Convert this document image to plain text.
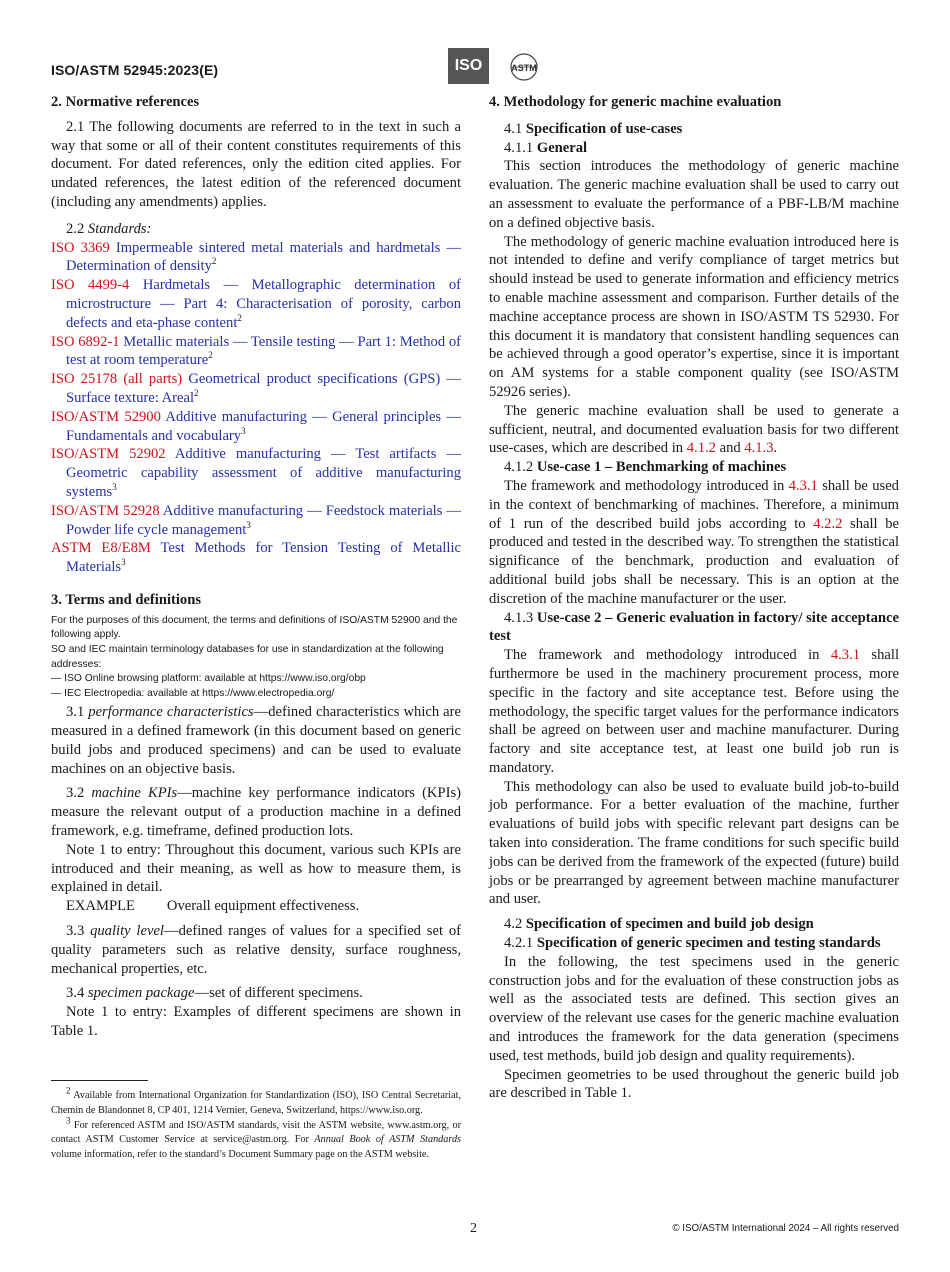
ISO/ASTM 52945:2023(E)	ISO	ASTM

2. Normative references

2.1 The following documents are referred to in the text in such a way that some or all of their content constitutes requirements of this document. For dated references, only the edition cited applies. For undated references, the latest edition of the referenced document (including any amendments) applies.

2.2 Standards:

ISO 3369 Impermeable sintered metal materials and hardmetals — Determination of density$^2$

ISO 4499-4 Hardmetals — Metallographic determination of microstructure — Part 4: Characterisation of porosity, carbon defects and eta-phase content$^2$

ISO 6892-1 Metallic materials — Tensile testing — Part 1: Method of test at room temperature$^2$

ISO 25178 (all parts) Geometrical product specifications (GPS) — Surface texture: Areal$^2$

ISO/ASTM 52900 Additive manufacturing — General principles — Fundamentals and vocabulary$^3$

ISO/ASTM 52902 Additive manufacturing — Test artifacts — Geometric capability assessment of additive manufacturing systems$^3$

ISO/ASTM 52928 Additive manufacturing — Feedstock materials — Powder life cycle management$^3$

ASTM E8/E8M Test Methods for Tension Testing of Metallic Materials$^3$

3. Terms and definitions

For the purposes of this document, the terms and definitions of ISO/ASTM 52900 and the following apply.

SO and IEC maintain terminology databases for use in standardization at the following addresses:

— ISO Online browsing platform: available at https://www.iso.org/obp

— IEC Electropedia: available at https://www.electropedia.org/

3.1 performance characteristics—defined characteristics which are measured in a defined framework (in this document based on generic build jobs and produced specimens) and can be used to evaluate machines on an objective basis.

3.2 machine KPIs—machine key performance indicators (KPIs) measure the relevant output of a production machine in a defined framework, e.g. timeframe, defined production lots.

Note 1 to entry: Throughout this document, various such KPIs are introduced and their meaning, as well as how to measure them, is explained in detail.

EXAMPLE Overall equipment effectiveness.

3.3 quality level—defined ranges of values for a specified set of quality parameters such as relative density, surface roughness, mechanical properties, etc.

3.4 specimen package—set of different specimens.

Note 1 to entry: Examples of different specimens are shown in Table 1.

$^2$ Available from International Organization for Standardization (ISO), ISO Central Secretariat, Chemin de Blandonnet 8, CP 401, 1214 Vernier, Geneva, Switzerland, https://www.iso.org.

$^3$ For referenced ASTM and ISO/ASTM standards, visit the ASTM website, www.astm.org, or contact ASTM Customer Service at service@astm.org. For Annual Book of ASTM Standards volume information, refer to the standard’s Document Summary page on the ASTM website.

4. Methodology for generic machine evaluation

4.1 Specification of use-cases

4.1.1 General

This section introduces the methodology of generic machine evaluation. The generic machine evaluation shall be used to carry out an assessment to evaluate the performance of a PBF-LB/M machine on a defined objective basis.

The methodology of generic machine evaluation introduced here is not intended to define and verify compliance of target metrics but should instead be used to generate information and efficiency metrics to enable machine assessment and comparison. Further details of the machine acceptance process are shown in ISO/ASTM TS 52930. For this document it is mandatory that consistent handling sequences can be achieved through a good operator’s expertise, since it is important on AM systems for a stable component quality (see ISO/ASTM 52926 series).

The generic machine evaluation shall be used to generate a sufficient, neutral, and documented evaluation basis for two different use-cases, which are described in 4.1.2 and 4.1.3.

4.1.2 Use-case 1 – Benchmarking of machines

The framework and methodology introduced in 4.3.1 shall be used in the context of benchmarking of machines. Therefore, a minimum of 1 run of the described build jobs according to 4.2.2 shall be produced and tested in the described way. To strengthen the statistical significance of the benchmark, production and evaluation of additional build jobs shall be necessary. This is an option at the discretion of the machine manufacturer or the user.

4.1.3 Use-case 2 – Generic evaluation in factory/ site acceptance test

The framework and methodology introduced in 4.3.1 shall furthermore be used in the machinery procurement process, more specific in the factory and site acceptance test. Before using the methodology, the specific target values for the performance indicators shall be agreed on between user and machine manufacturer. During factory and site acceptance test, at least one build job run is mandatory.

This methodology can also be used to evaluate build job-to-build job performance. For a better evaluation of the machine, further evaluations of build jobs with specific relevant part designs can be taken into consideration. The frame conditions for such specific build jobs can be derived from the framework of the expected (future) build jobs or be prearranged by agreement between machine manufacturer and user.

4.2 Specification of specimen and build job design

4.2.1 Specification of generic specimen and testing standards

In the following, the test specimens used in the generic construction jobs and for the evaluation of these construction jobs as well as the associated tests are defined. This section gives an overview of the relevant use cases for the generic machine evaluation and introduces the framework for the data generation (specimens used, test methods, build job design and quality requirements).

Specimen geometries to be used throughout the generic build job are described in Table 1.

2	© ISO/ASTM International 2024 – All rights reserved
